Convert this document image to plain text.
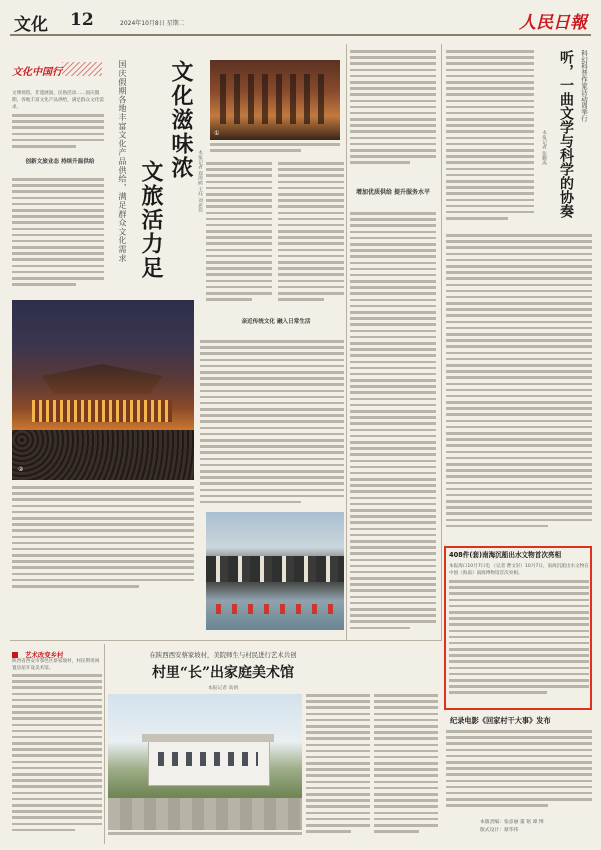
文化 12	2024年10月8日 星期二	人民日報
文化中国行
文博场馆、非遗展演、民俗活动……国庆假期，各地丰富文化产品供给，满足群众文化需求。
创新文旅业态 持续升温供给
②
文化滋味浓
文旅活力足
国庆假期各地丰富文化产品供给，满足群众文化需求	本报记者 郑海鸥 王珏 刘思佳
①
亲近传统文化 融入日常生活
增加优质供给 提升服务水平
科幻科普作家活动周举行
听，一曲文学与科学的协奏
本报记者 张鹏禹
408件(套)南海沉船出水文物首次亮相
本报海口10月7日电 （记者 曹文轩）10月7日，南海沉船出水文物在中国（海南）南海博物馆首次亮相。
纪录电影《回家村干大事》发布
本版责编：张彦丽 董 铭 谭 博
版式设计：蔡华伟
艺术改变乡村
陕西省西安市鄠邑区蔡家坡村，村民利用闲置房屋开设美术馆。
在陕西西安蔡家坡村，美院师生与村民进行艺术共创
村里“长”出家庭美术馆
本报记者 高炳
